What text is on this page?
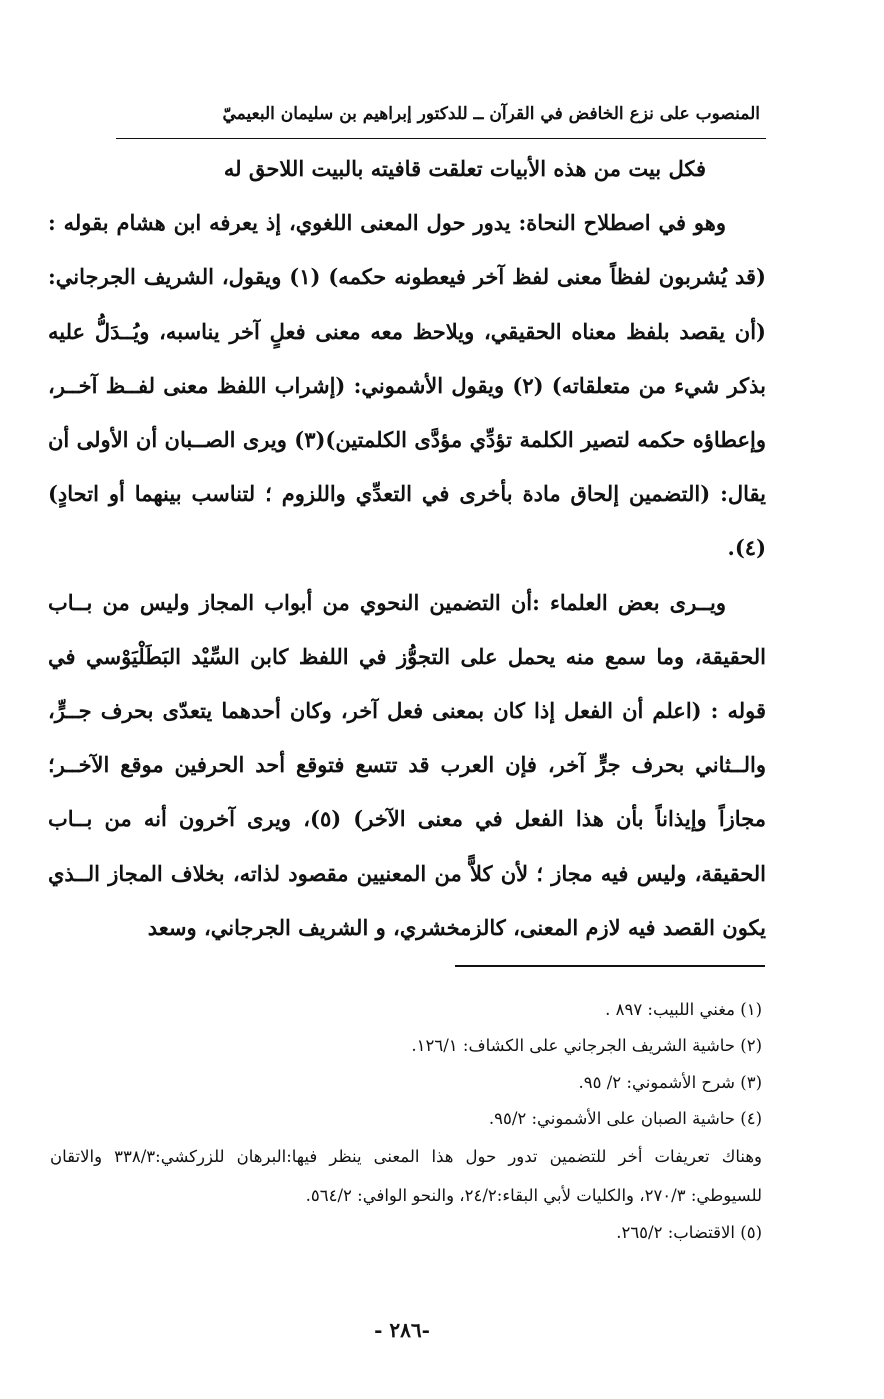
المنصوب على نزع الخافض في القرآن ــ للدكتور إبراهيم بن سليمان البعيميّ

فكل بيت من هذه الأبيات تعلقت قافيته بالبيت اللاحق له

وهو في اصطلاح النحاة: يدور حول المعنى اللغوي، إذ يعرفه ابن هشام بقوله :(قد يُشربون لفظاً معنى لفظ آخر فيعطونه حكمه) (١) ويقول، الشريف الجرجاني: (أن يقصد بلفظ معناه الحقيقي، ويلاحظ معه معنى فعلٍ آخر يناسبه، ويُــدَلُّ عليه بذكر شيء من متعلقاته) (٢) ويقول الأشموني: (إشراب اللفظ معنى لفــظ آخــر، وإعطاؤه حكمه لتصير الكلمة تؤدِّي مؤدَّى الكلمتين)(٣) ويرى الصــبان أن الأولى أن يقال: (التضمين إلحاق مادة بأخرى في التعدِّي واللزوم ؛ لتناسب بينهما أو اتحادٍ)(٤).

ويــرى بعض العلماء :أن التضمين النحوي من أبواب المجاز وليس من بــاب الحقيقة، وما سمع منه يحمل على التجوُّز في اللفظ كابن السِّيْد البَطَلْيَوْسي في قوله : (اعلم أن الفعل إذا كان بمعنى فعل آخر، وكان أحدهما يتعدّى بحرف جــرٍّ، والــثاني بحرف جرٍّ آخر، فإن العرب قد تتسع فتوقع أحد الحرفين موقع الآخــر؛ مجازاً وإيذاناً بأن هذا الفعل في معنى الآخر) (٥)، ويرى آخرون أنه من بــاب الحقيقة، وليس فيه مجاز ؛ لأن كلاًّ من المعنيين مقصود لذاته، بخلاف المجاز الــذي يكون القصد فيه لازم المعنى، كالزمخشري، و الشريف الجرجاني، وسعد

(١) مغني اللبيب: ٨٩٧ .

(٢) حاشية الشريف الجرجاني على الكشاف: ١٢٦/١.

(٣) شرح الأشموني: ٢/ ٩٥.

(٤) حاشية الصبان على الأشموني: ٩٥/٢.

وهناك تعريفات أخر للتضمين تدور حول هذا المعنى ينظر فيها:البرهان للزركشي:٣٣٨/٣ والاتقان للسيوطي: ٢٧٠/٣، والكليات لأبي البقاء:٢٤/٢، والنحو الوافي: ٥٦٤/٢.

(٥) الاقتضاب: ٢٦٥/٢.

-٢٨٦ -
